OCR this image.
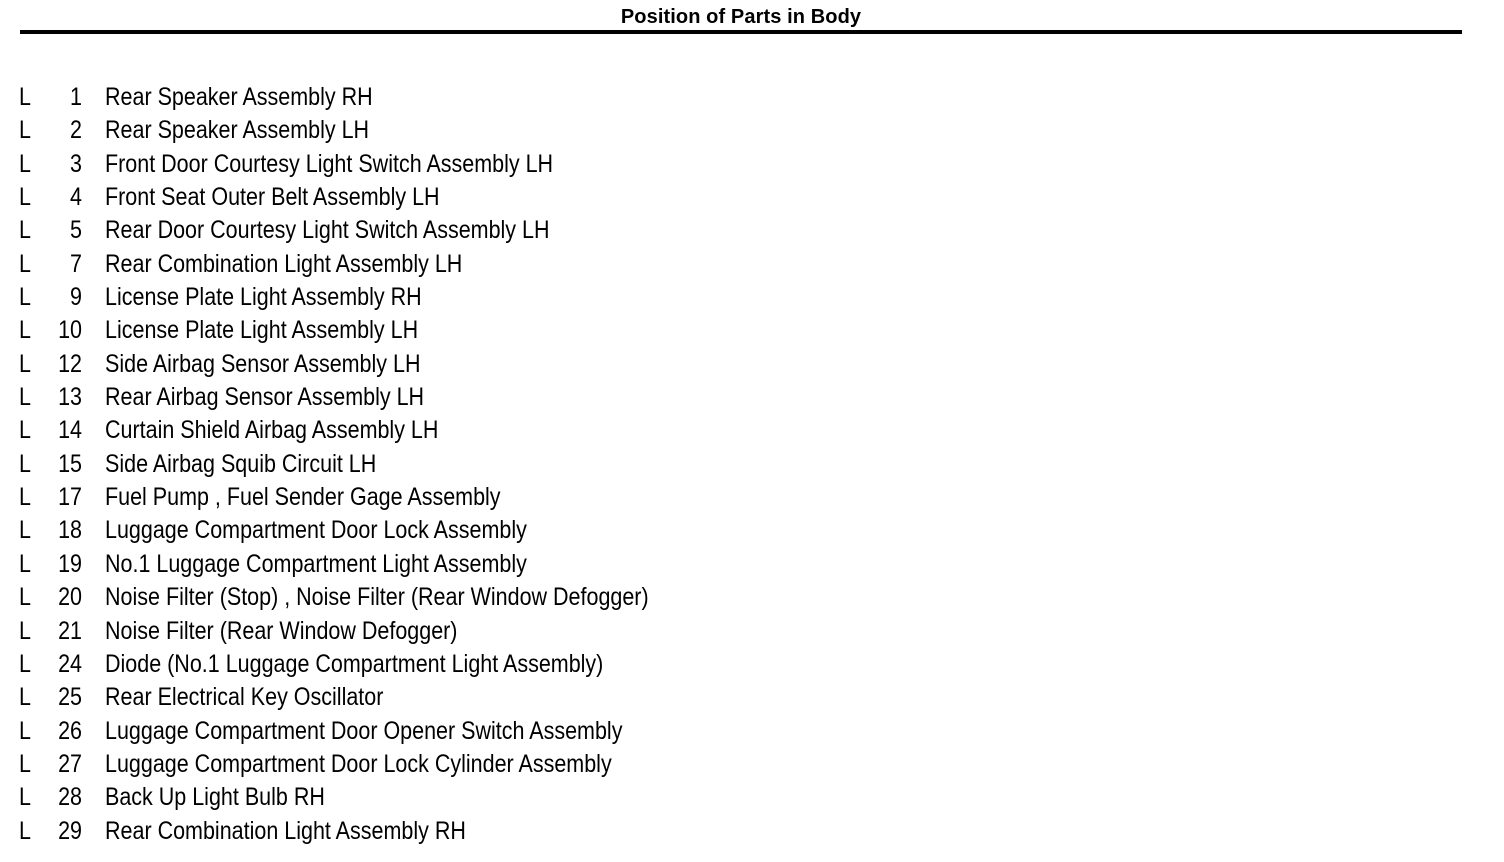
Position of Parts in Body
L	1 Rear Speaker Assembly RH
L	2 Rear Speaker Assembly LH
L	3 Front Door Courtesy Light Switch Assembly LH
L	4 Front Seat Outer Belt Assembly LH
L	5 Rear Door Courtesy Light Switch Assembly LH
L	7 Rear Combination Light Assembly LH
L	9 License Plate Light Assembly RH
L	10 License Plate Light Assembly LH
L	12 Side Airbag Sensor Assembly LH
L	13 Rear Airbag Sensor Assembly LH
L	14 Curtain Shield Airbag Assembly LH
L	15 Side Airbag Squib Circuit LH
L	17 Fuel Pump , Fuel Sender Gage Assembly
L	18 Luggage Compartment Door Lock Assembly
L	19 No.1 Luggage Compartment Light Assembly
L	20 Noise Filter (Stop) , Noise Filter (Rear Window Defogger)
L	21 Noise Filter (Rear Window Defogger)
L	24 Diode (No.1 Luggage Compartment Light Assembly)
L	25 Rear Electrical Key Oscillator
L	26 Luggage Compartment Door Opener Switch Assembly
L	27 Luggage Compartment Door Lock Cylinder Assembly
L	28 Back Up Light Bulb RH
L	29 Rear Combination Light Assembly RH
